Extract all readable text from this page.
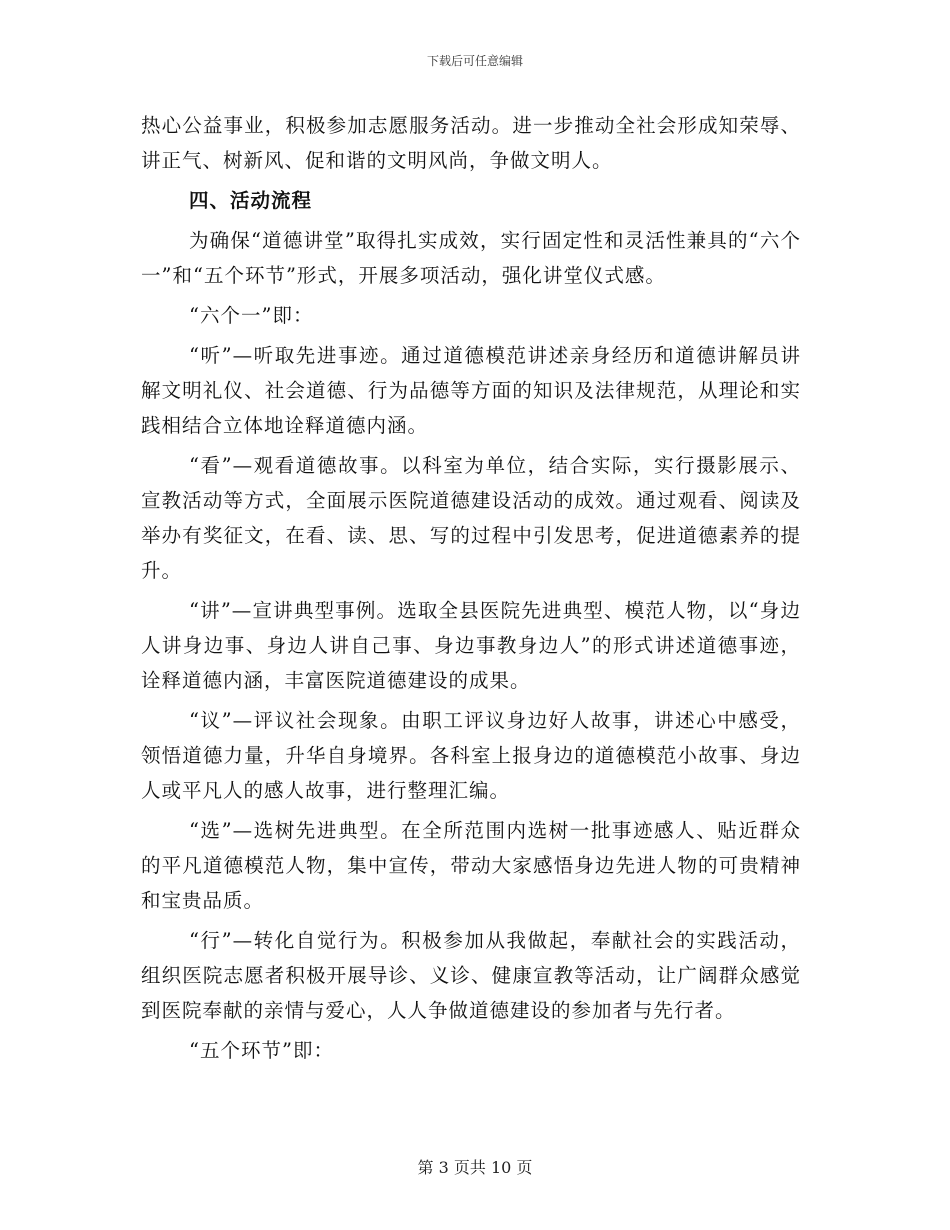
下载后可任意编辑

热心公益事业，积极参加志愿服务活动。进一步推动全社会形成知荣辱、讲正气、树新风、促和谐的文明风尚，争做文明人。

四、活动流程

为确保“道德讲堂”取得扎实成效，实行固定性和灵活性兼具的“六个一”和“五个环节”形式，开展多项活动，强化讲堂仪式感。

“六个一”即：

“听”—听取先进事迹。通过道德模范讲述亲身经历和道德讲解员讲解文明礼仪、社会道德、行为品德等方面的知识及法律规范，从理论和实践相结合立体地诠释道德内涵。

“看”—观看道德故事。以科室为单位，结合实际，实行摄影展示、宣教活动等方式，全面展示医院道德建设活动的成效。通过观看、阅读及举办有奖征文，在看、读、思、写的过程中引发思考，促进道德素养的提升。

“讲”—宣讲典型事例。选取全县医院先进典型、模范人物，以“身边人讲身边事、身边人讲自己事、身边事教身边人”的形式讲述道德事迹，诠释道德内涵，丰富医院道德建设的成果。

“议”—评议社会现象。由职工评议身边好人故事，讲述心中感受，领悟道德力量，升华自身境界。各科室上报身边的道德模范小故事、身边人或平凡人的感人故事，进行整理汇编。

“选”—选树先进典型。在全所范围内选树一批事迹感人、贴近群众的平凡道德模范人物，集中宣传，带动大家感悟身边先进人物的可贵精神和宝贵品质。

“行”—转化自觉行为。积极参加从我做起，奉献社会的实践活动，组织医院志愿者积极开展导诊、义诊、健康宣教等活动，让广阔群众感觉到医院奉献的亲情与爱心，人人争做道德建设的参加者与先行者。

“五个环节”即：

第 3 页共 10 页
